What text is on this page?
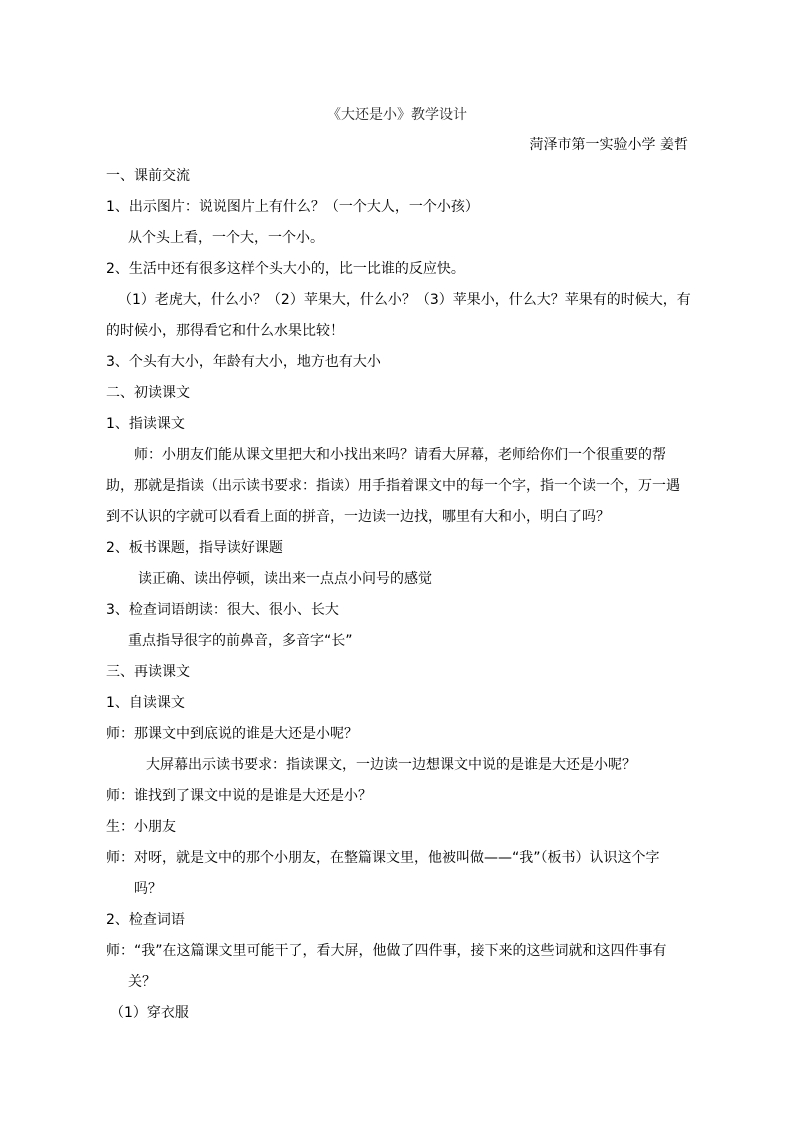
《大还是小》教学设计
菏泽市第一实验小学 姜哲
一、课前交流
1、出示图片：说说图片上有什么？（一个大人，一个小孩）
从个头上看，一个大，一个小。
2、生活中还有很多这样个头大小的，比一比谁的反应快。
（1）老虎大，什么小？（2）苹果大，什么小？（3）苹果小，什么大？苹果有的时候大，有
的时候小，那得看它和什么水果比较！
3、个头有大小，年龄有大小，地方也有大小
二、初读课文
1、指读课文
师：小朋友们能从课文里把大和小找出来吗？请看大屏幕，老师给你们一个很重要的帮
助，那就是指读（出示读书要求：指读）用手指着课文中的每一个字，指一个读一个，万一遇
到不认识的字就可以看看上面的拼音，一边读一边找，哪里有大和小，明白了吗？
2、板书课题，指导读好课题
读正确、读出停顿，读出来一点点小问号的感觉
3、检查词语朗读：很大、很小、长大
重点指导很字的前鼻音，多音字“长”
三、再读课文
1、自读课文
师：那课文中到底说的谁是大还是小呢？
大屏幕出示读书要求：指读课文，一边读一边想课文中说的是谁是大还是小呢？
师：谁找到了课文中说的是谁是大还是小？
生：小朋友
师：对呀，就是文中的那个小朋友，在整篇课文里，他被叫做——“我”（板书）认识这个字
吗？
2、检查词语
师：“我”在这篇课文里可能干了，看大屏，他做了四件事，接下来的这些词就和这四件事有
关？
（1）穿衣服
